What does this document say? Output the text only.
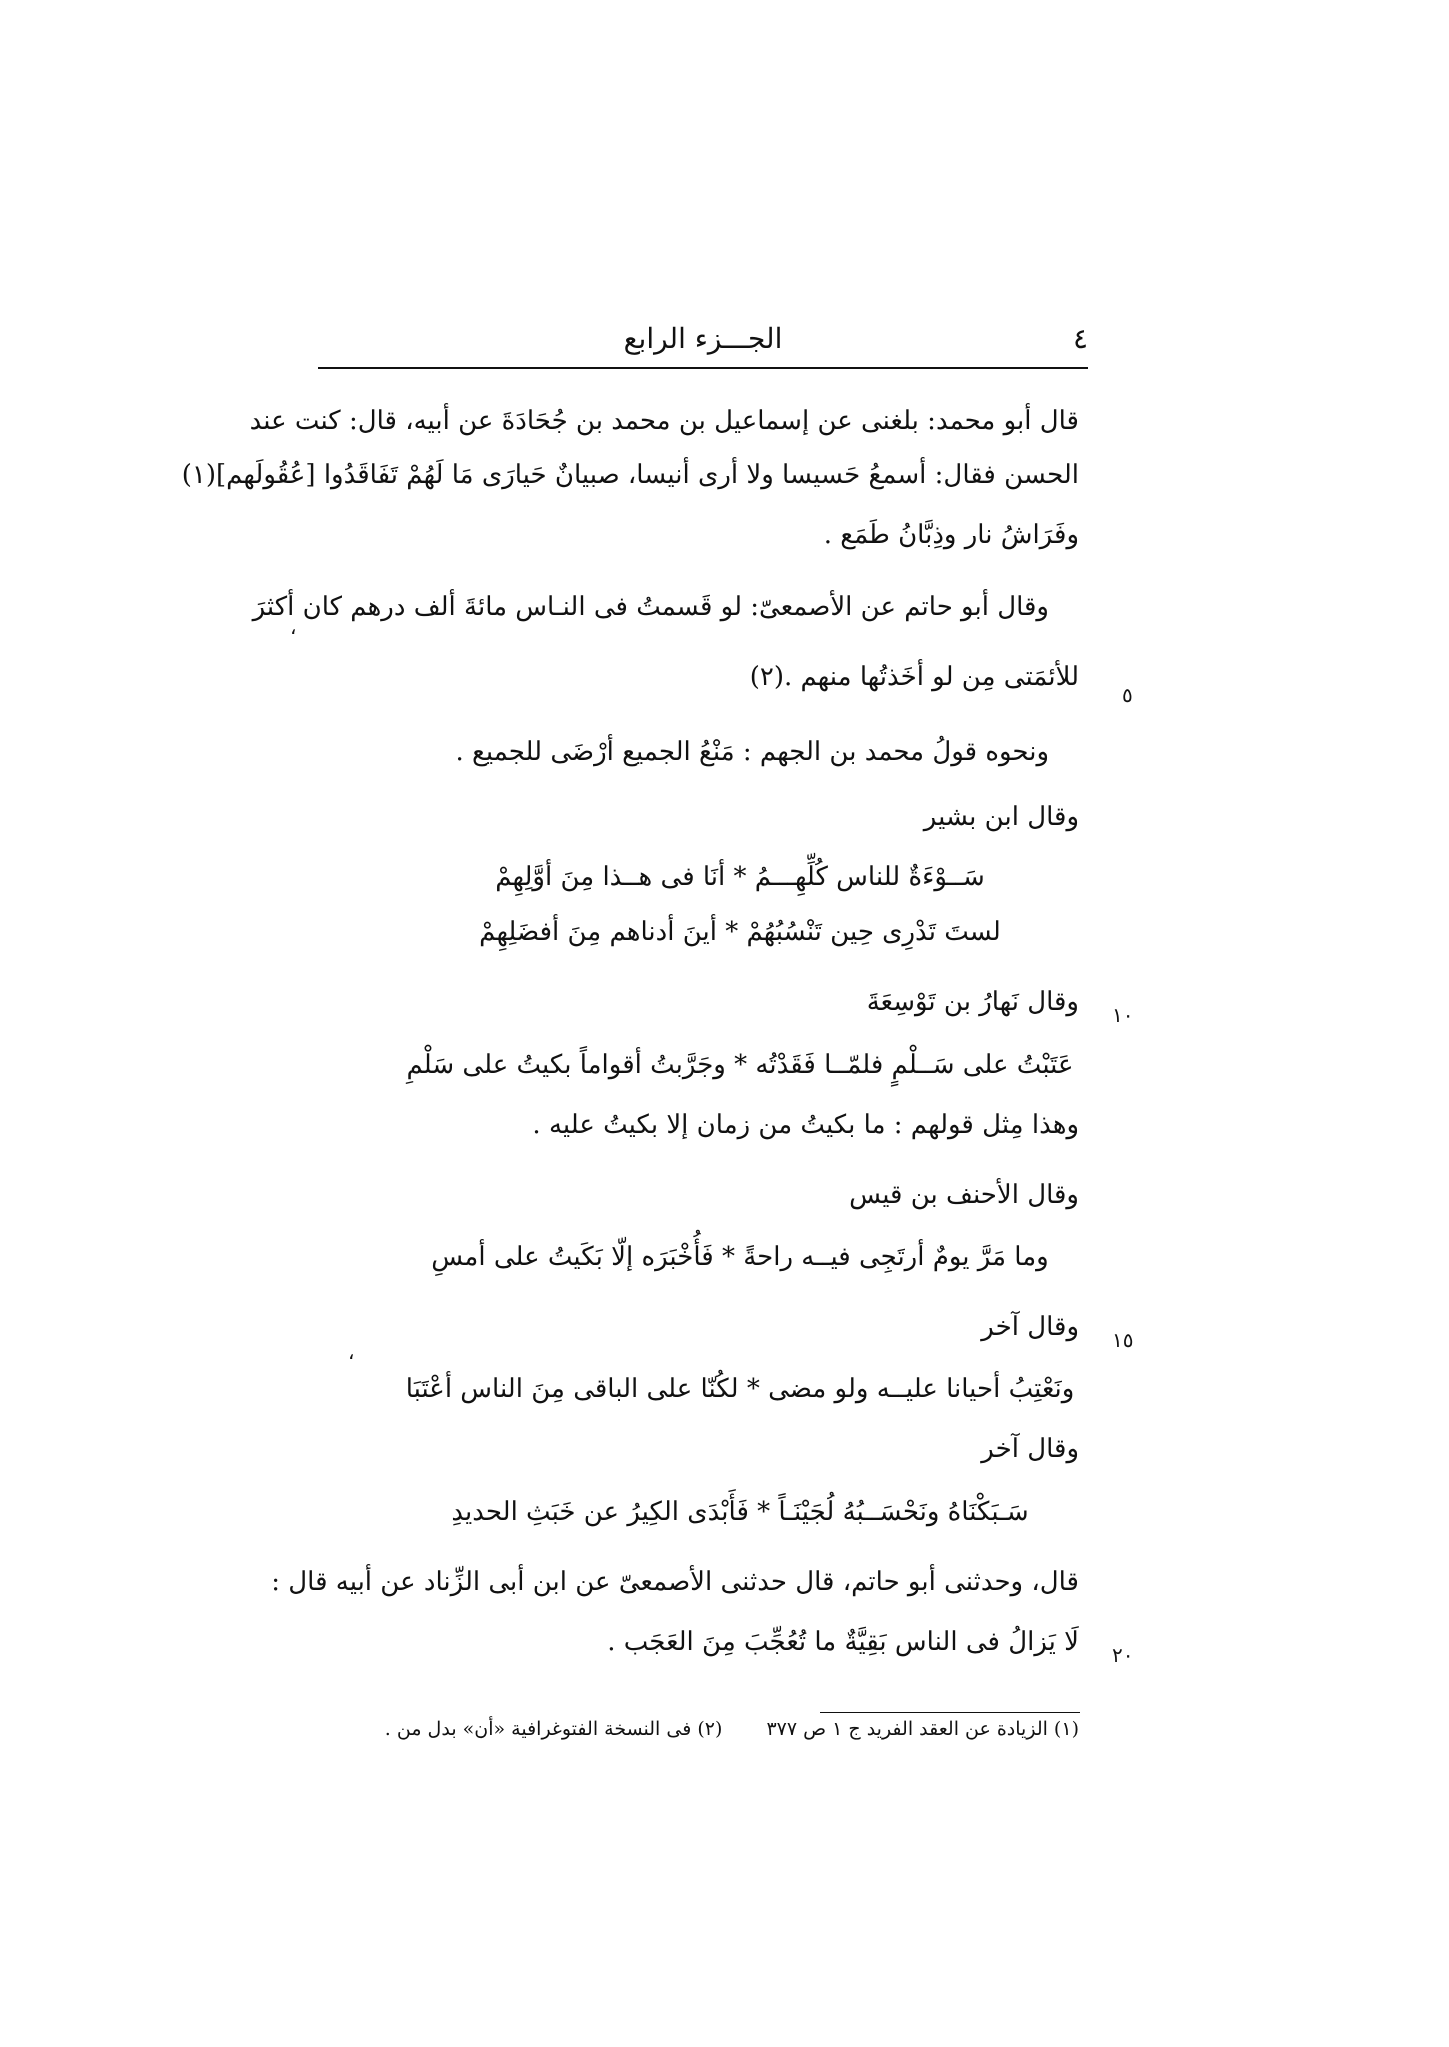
الجـــزء الرابع	٤
قال أبو محمد: بلغنى عن إسماعيل بن محمد بن جُحَادَةَ عن أبيه، قال: كنت عند
الحسن فقال: أسمعُ حَسيسا ولا أرى أنيسا، صبيانٌ حَيارَى مَا لَهُمْ تَفَاقَدُوا [عُقُولَهم](١)
وفَرَاشُ نار وذِبَّانُ طَمَع .
وقال أبو حاتم عن الأصمعىّ: لو قَسمتُ فى النـاس مائةَ ألف درهم كان أكثرَ
للأئمَتى مِن لو أخَذتُها منهم .(٢)
ونحوه قولُ محمد بن الجهم : مَنْعُ الجميع أرْضَى للجميع .
وقال ابن بشير
سَــوْءَةٌ للناس كُلِّهِـــمُ * أنَا فى هــذا مِنَ أوَّلِهِمْ
لستَ تَدْرِى حِين تَنْسُبُهُمْ * أينَ أدناهم مِنَ أفضَلِهِمْ
وقال نَهارُ بن تَوْسِعَةَ
عَتَبْتُ على سَــلْمٍ فلمّــا فَقَدْتُه * وجَرَّبتُ أقواماً بكيتُ على سَلْمِ
وهذا مِثل قولهم : ما بكيتُ من زمان إلا بكيتُ عليه .
وقال الأحنف بن قيس
وما مَرَّ يومٌ أرتَجِى فيــه راحةً * فَأُخْبَرَه إلّا بَكَيتُ على أمسِ
وقال آخر
ونَعْتِبُ أحيانا عليــه ولو مضى * لكُنّا على الباقى مِنَ الناس أعْتَبَا
وقال آخر
سَـبَكْنَاهُ ونَحْسَــبُهُ لُجَيْنَـاً * فَأَبْدَى الكِيرُ عن خَبَثِ الحديدِ
قال، وحدثنى أبو حاتم، قال حدثنى الأصمعىّ عن ابن أبى الزِّناد عن أبيه قال :
لَا يَزالُ فى الناس بَقِيَّةٌ ما تُعُجِّبَ مِنَ العَجَب .
٥
١٠
١٥
٢٠
(١) الزيادة عن العقد الفريد ج ١ ص ٣٧٧ (٢) فى النسخة الفتوغرافية «أن» بدل من .
،
،
